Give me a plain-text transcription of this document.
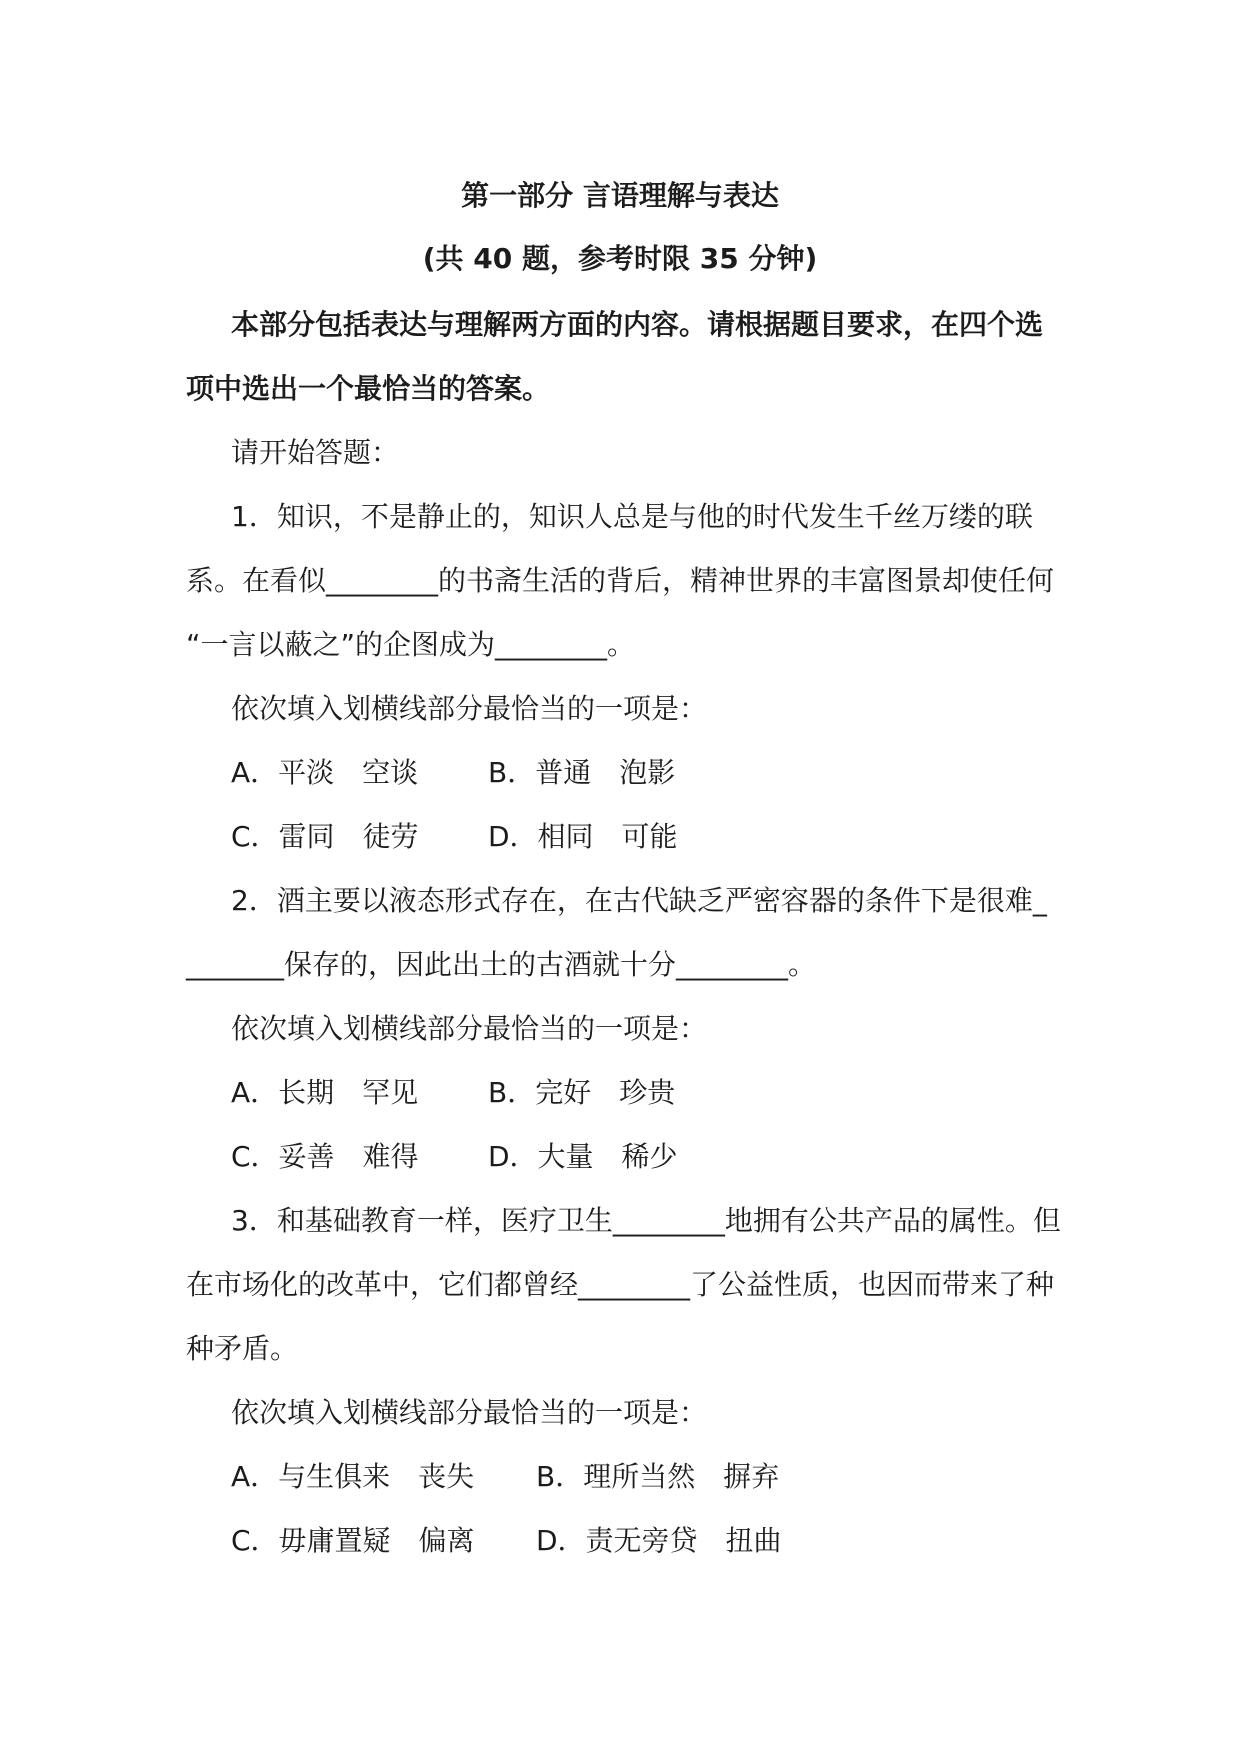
第一部分 言语理解与表达
(共 40 题，参考时限 35 分钟)
本部分包括表达与理解两方面的内容。请根据题目要求，在四个选
项中选出一个最恰当的答案。
请开始答题：
1．知识，不是静止的，知识人总是与他的时代发生千丝万缕的联
系。在看似________的书斋生活的背后，精神世界的丰富图景却使任何
“一言以蔽之”的企图成为________。
依次填入划横线部分最恰当的一项是：
A．平淡　空谈 B．普通　泡影
C．雷同　徒劳 D．相同　可能
2．酒主要以液态形式存在，在古代缺乏严密容器的条件下是很难_
_______保存的，因此出土的古酒就十分________。
依次填入划横线部分最恰当的一项是：
A．长期　罕见 B．完好　珍贵
C．妥善　难得 D．大量　稀少
3．和基础教育一样，医疗卫生________地拥有公共产品的属性。但
在市场化的改革中，它们都曾经________了公益性质，也因而带来了种
种矛盾。
依次填入划横线部分最恰当的一项是：
A．与生俱来　丧失 B．理所当然　摒弃
C．毋庸置疑　偏离 D．责无旁贷　扭曲
